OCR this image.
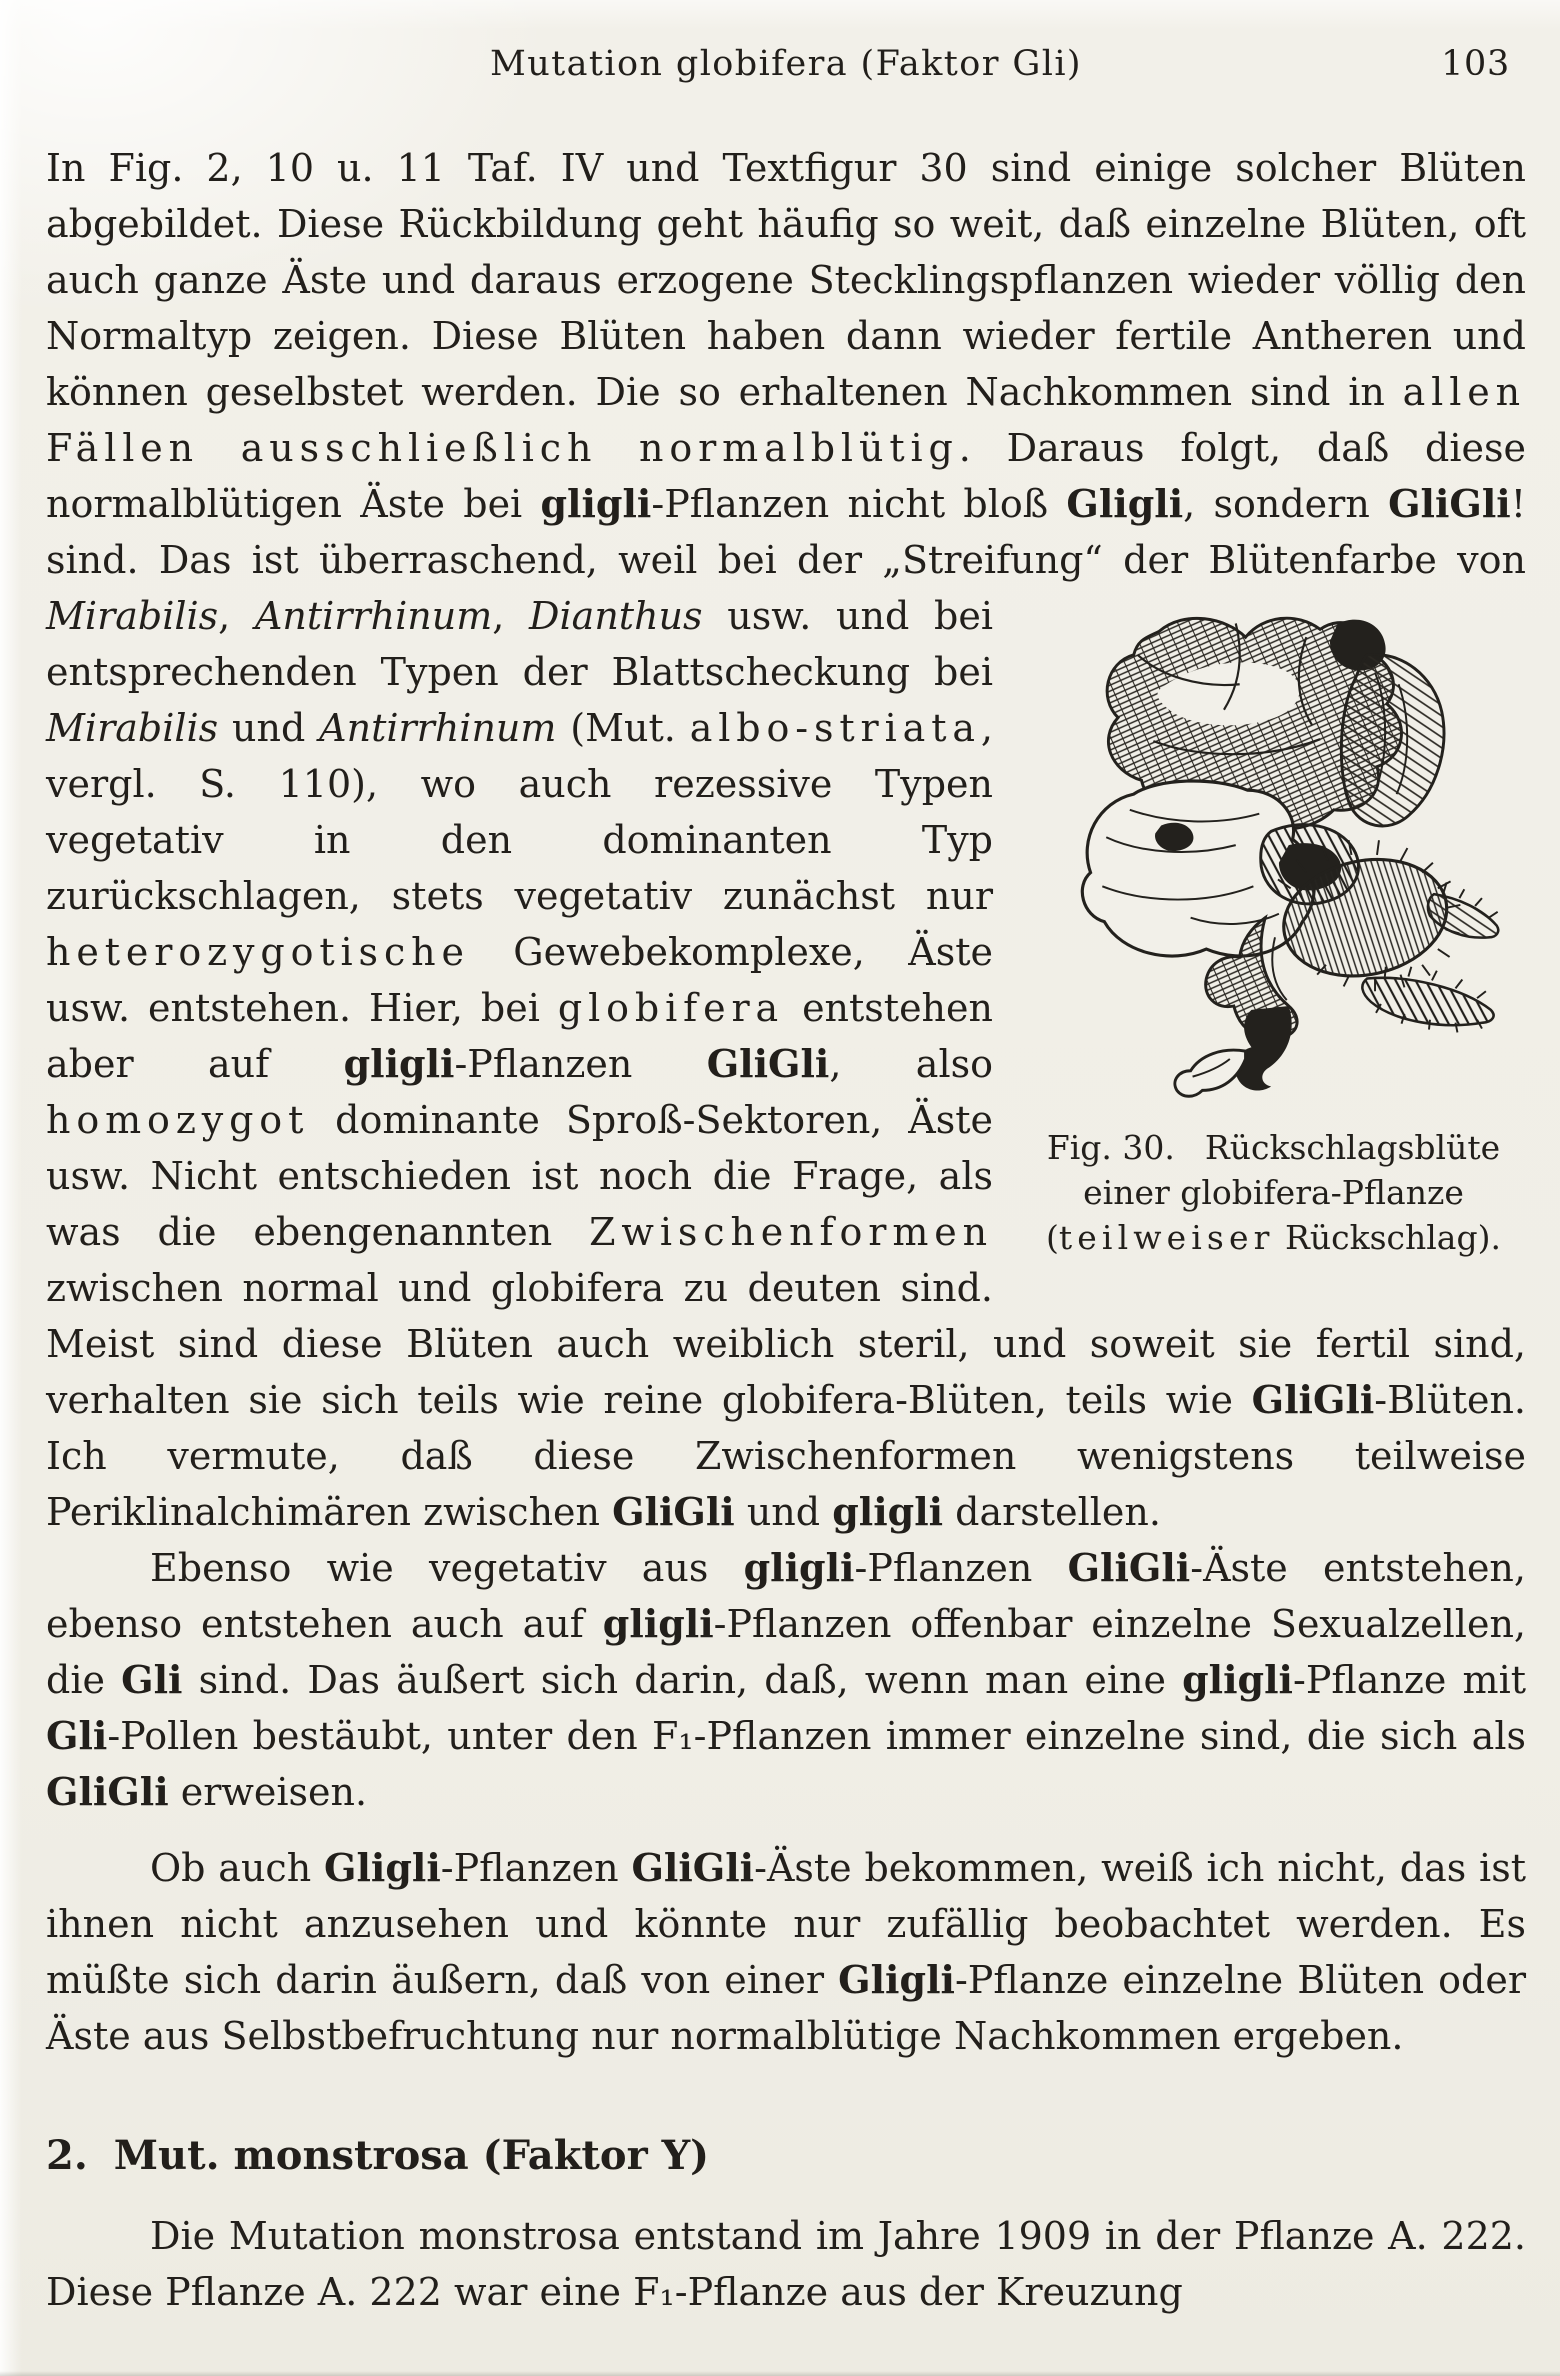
Mutation globifera (Faktor Gli)	103
In Fig. 2, 10 u. 11 Taf. IV und Textfigur 30 sind einige solcher Blüten abgebildet. Diese Rückbildung geht häufig so weit, daß einzelne Blüten, oft auch ganze Äste und daraus erzogene Stecklingspflanzen wieder völlig den Normaltyp zeigen. Diese Blüten haben dann wieder fertile Antheren und können geselbstet werden. Die so erhaltenen Nachkommen sind in allen Fällen ausschließlich normalblütig. Daraus folgt, daß diese normalblütigen Äste bei gligli-Pflanzen nicht bloß Gligli, sondern GliGli! sind. Das ist überraschend, weil bei der „Streifung“ der Blütenfarbe von
Fig. 30. Rückschlagsblüte
einer globifera-Pflanze
(teilweiser Rückschlag).
Mirabilis, Antirrhinum, Dianthus usw. und bei entsprechenden Typen der Blattscheckung bei Mirabilis und Antirrhinum (Mut. albo-striata, vergl. S. 110), wo auch rezessive Typen vegetativ in den dominanten Typ zurückschlagen, stets vegetativ zunächst nur heterozygotische Gewebekomplexe, Äste usw. entstehen. Hier, bei globifera entstehen aber auf gligli-Pflanzen GliGli, also homozygot dominante Sproß-Sektoren, Äste usw. Nicht entschieden ist noch die Frage, als was die ebengenannten Zwischenformen zwischen normal und globifera zu deuten sind. Meist sind diese Blüten auch weiblich steril, und soweit sie fertil sind, verhalten sie sich teils wie reine globifera-Blüten, teils wie GliGli-Blüten. Ich vermute, daß diese Zwischenformen wenigstens teilweise Periklinalchimären zwischen GliGli und gligli darstellen.
Ebenso wie vegetativ aus gligli-Pflanzen GliGli-Äste entstehen, ebenso entstehen auch auf gligli-Pflanzen offenbar einzelne Sexualzellen, die Gli sind. Das äußert sich darin, daß, wenn man eine gligli-Pflanze mit Gli-Pollen bestäubt, unter den F₁-Pflanzen immer einzelne sind, die sich als GliGli erweisen.
Ob auch Gligli-Pflanzen GliGli-Äste bekommen, weiß ich nicht, das ist ihnen nicht anzusehen und könnte nur zufällig beobachtet werden. Es müßte sich darin äußern, daß von einer Gligli-Pflanze einzelne Blüten oder Äste aus Selbstbefruchtung nur normalblütige Nachkommen ergeben.
2. Mut. monstrosa (Faktor Y)
Die Mutation monstrosa entstand im Jahre 1909 in der Pflanze A. 222. Diese Pflanze A. 222 war eine F₁-Pflanze aus der Kreuzung
